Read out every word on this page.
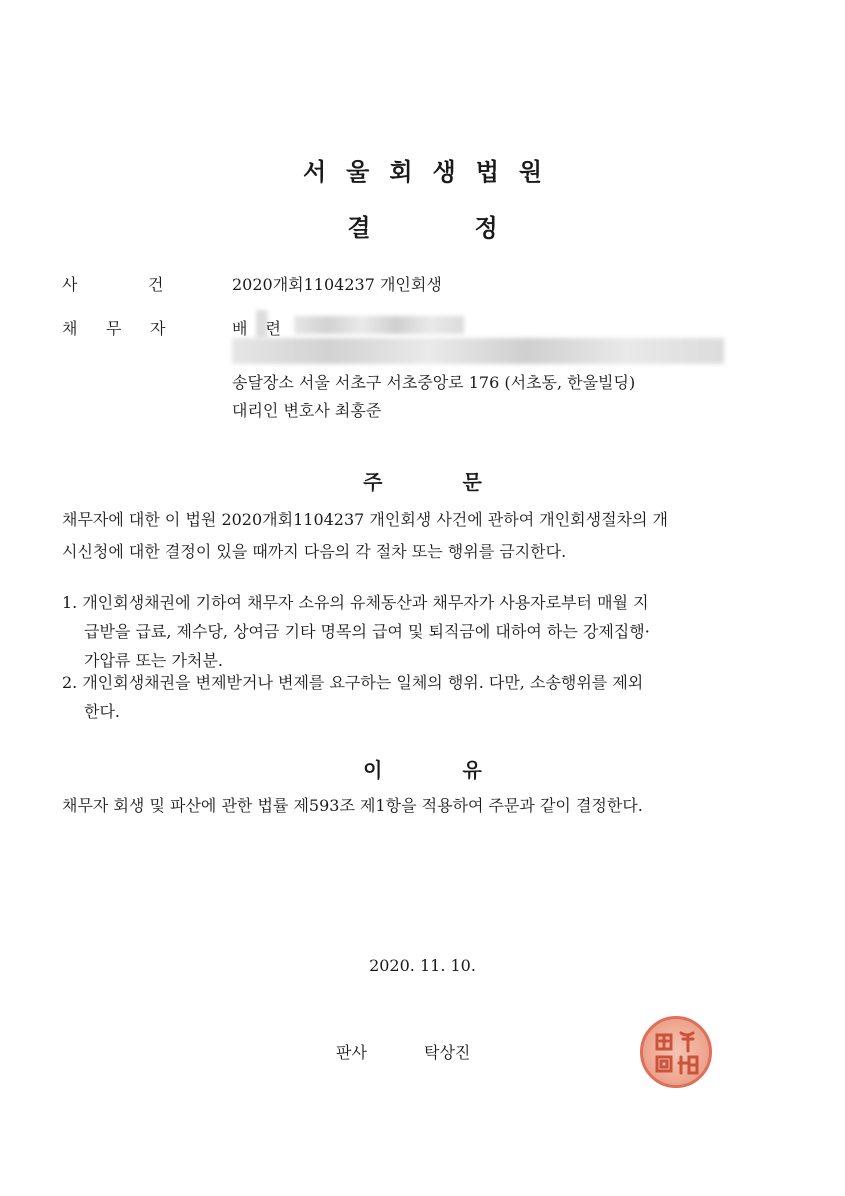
서 울 회 생 법 원
결	정
사	건	2020개회1104237 개인회생
채 무 자	배 련
송달장소 서울 서초구 서초중앙로 176 (서초동, 한울빌딩)
대리인 변호사 최홍준
주	문
채무자에 대한 이 법원 2020개회1104237 개인회생 사건에 관하여 개인회생절차의 개
시신청에 대한 결정이 있을 때까지 다음의 각 절차 또는 행위를 금지한다.
1. 개인회생채권에 기하여 채무자 소유의 유체동산과 채무자가 사용자로부터 매월 지
급받을 급료, 제수당, 상여금 기타 명목의 급여 및 퇴직금에 대하여 하는 강제집행·
가압류 또는 가처분.
2. 개인회생채권을 변제받거나 변제를 요구하는 일체의 행위. 다만, 소송행위를 제외
한다.
이	유
채무자 회생 및 파산에 관한 법률 제593조 제1항을 적용하여 주문과 같이 결정한다.
2020. 11. 10.
판사	탁상진
